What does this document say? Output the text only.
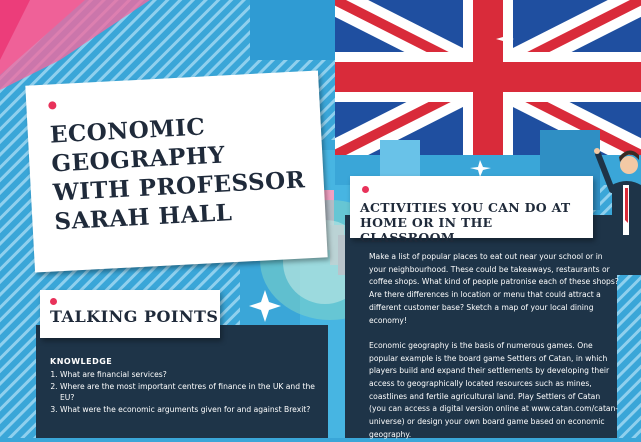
ECONOMIC
GEOGRAPHY
WITH PROFESSOR
SARAH HALL	ACTIVITIES YOU CAN DO AT
HOME OR IN THE CLASSROOM

Make a list of popular places to eat out near your school or in your neighbourhood. These could be takeaways, restaurants or coffee shops. What kind of people patronise each of these shops? Are there differences in location or menu that could attract a different customer base? Sketch a map of your local dining economy!

Economic geography is the basis of numerous games. One popular example is the board game Settlers of Catan, in which players build and expand their settlements by developing their access to geographically located resources such as mines, coastlines and fertile agricultural land. Play Settlers of Catan (you can access a digital version online at www.catan.com/catan-universe) or design your own board game based on economic geography.

TALKING POINTS

KNOWLEDGE

1. What are financial services?
2. Where are the most important centres of finance in the UK and the EU?
3. What were the economic arguments given for and against Brexit?
